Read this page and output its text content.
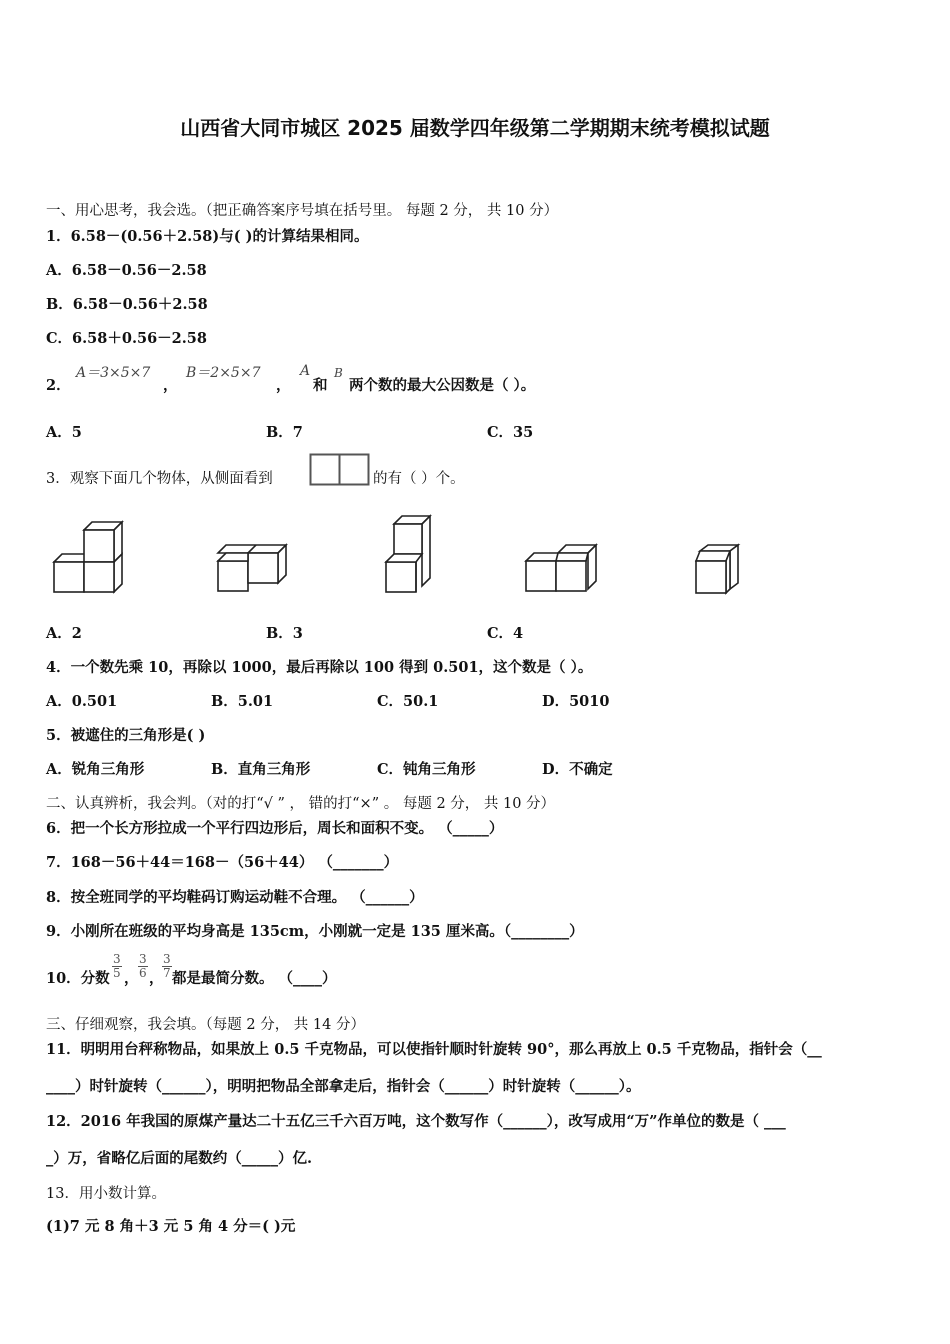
山西省大同市城区 2025 届数学四年级第二学期期末统考模拟试题
一、用心思考，我会选。（把正确答案序号填在括号里。 每题 2 分， 共 10 分）
1．6.58－(0.56＋2.58)与( )的计算结果相同。
A．6.58－0.56－2.58
B．6.58－0.56＋2.58
C．6.58＋0.56－2.58
2．
A＝3×5×7
，
B＝2×5×7
，
A
和
B
两个数的最大公因数是（ ）。
A．5	B．7	C．35
3．观察下面几个物体，从侧面看到	的有（ ）个。
A．2	B．3	C．4
4．一个数先乘 10，再除以 1000，最后再除以 100 得到 0.501，这个数是（ ）。
A．0.501	B．5.01	C．50.1	D．5010
5．被遮住的三角形是( )
A．锐角三角形	B．直角三角形	C．钝角三角形	D．不确定
二、认真辨析，我会判。（对的打“√ ” ， 错的打“×” 。 每题 2 分， 共 10 分）
6．把一个长方形拉成一个平行四边形后，周长和面积不变。 （_____）
7．168－56＋44＝168－（56＋44） （_______）
8．按全班同学的平均鞋码订购运动鞋不合理。 （______）
9．小刚所在班级的平均身高是 135cm，小刚就一定是 135 厘米高。（________）
10．分数 $\frac{3}{5}$ ， $\frac{3}{6}$ ，
$\frac{3}{7}$ 都是最简分数。 （____）
三、仔细观察，我会填。（每题 2 分， 共 14 分）
11．明明用台秤称物品，如果放上 0.5 千克物品，可以使指针顺时针旋转 90°，那么再放上 0.5 千克物品，指针会（__
____）时针旋转（______），明明把物品全部拿走后，指针会（______）时针旋转（______）。
12．2016 年我国的原煤产量达二十五亿三千六百万吨，这个数写作（______），改写成用“万”作单位的数是（ ___
_）万，省略亿后面的尾数约（_____）亿.
13．用小数计算。
(1)7 元 8 角＋3 元 5 角 4 分＝( )元
